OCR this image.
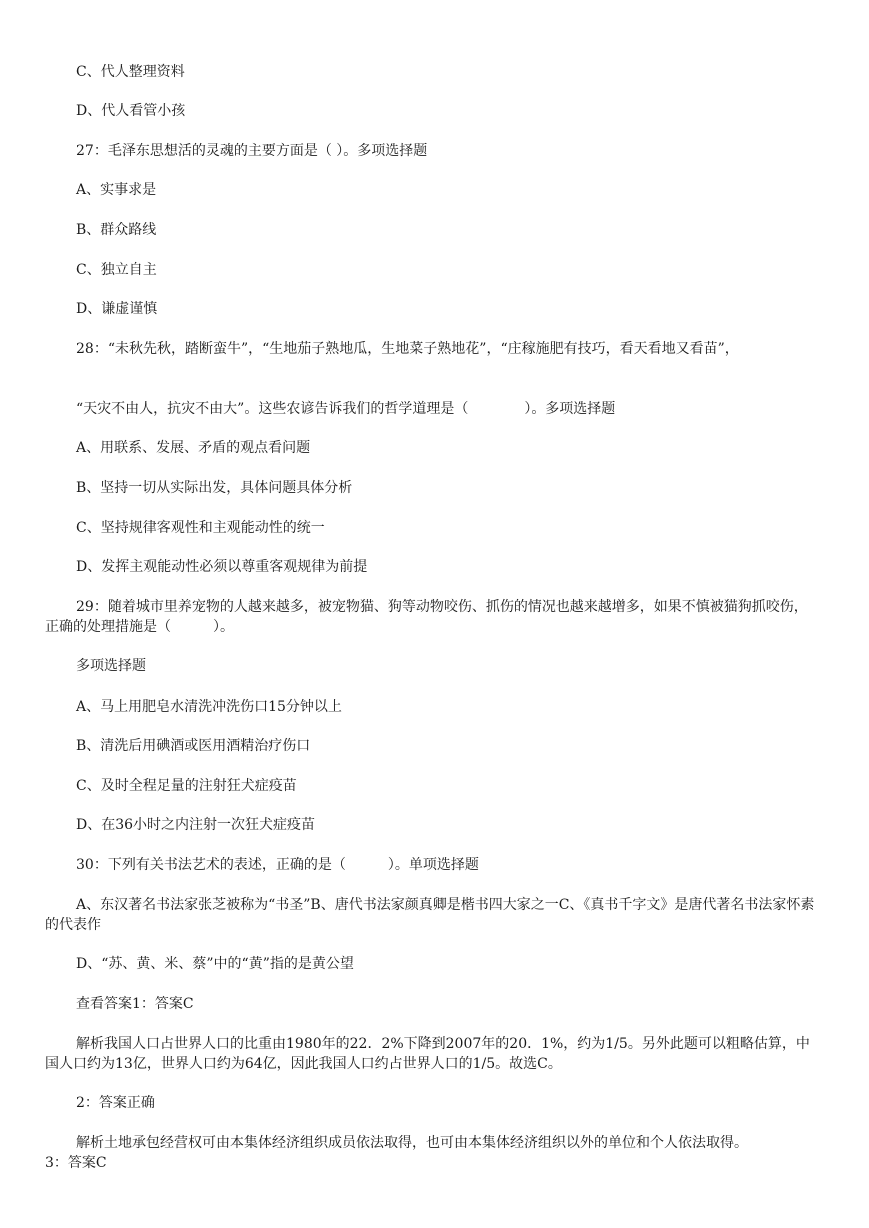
C、代人整理资料
D、代人看管小孩
27：毛泽东思想活的灵魂的主要方面是（ ）。多项选择题
A、实事求是
B、群众路线
C、独立自主
D、谦虚谨慎
28：“未秋先秋，踏断蛮牛”，“生地茄子熟地瓜，生地菜子熟地花”，“庄稼施肥有技巧，看天看地又看苗”，
“天灾不由人，抗灾不由大”。这些农谚告诉我们的哲学道理是（　　　　）。多项选择题
A、用联系、发展、矛盾的观点看问题
B、坚持一切从实际出发，具体问题具体分析
C、坚持规律客观性和主观能动性的统一
D、发挥主观能动性必须以尊重客观规律为前提
29：随着城市里养宠物的人越来越多，被宠物猫、狗等动物咬伤、抓伤的情况也越来越增多，如果不慎被猫狗抓咬伤，正确的处理措施是（　　　）。
多项选择题
A、马上用肥皂水清洗冲洗伤口15分钟以上
B、清洗后用碘酒或医用酒精治疗伤口
C、及时全程足量的注射狂犬症疫苗
D、在36小时之内注射一次狂犬症疫苗
30：下列有关书法艺术的表述，正确的是（　　　）。单项选择题
A、东汉著名书法家张芝被称为“书圣”B、唐代书法家颜真卿是楷书四大家之一C、《真书千字文》是唐代著名书法家怀素的代表作
D、“苏、黄、米、蔡”中的“黄”指的是黄公望
查看答案1：答案C
解析我国人口占世界人口的比重由1980年的22．2%下降到2007年的20．1%，约为1/5。另外此题可以粗略估算，中国人口约为13亿，世界人口约为64亿，因此我国人口约占世界人口的1/5。故选C。
2：答案正确
解析土地承包经营权可由本集体经济组织成员依法取得，也可由本集体经济组织以外的单位和个人依法取得。
3：答案C
